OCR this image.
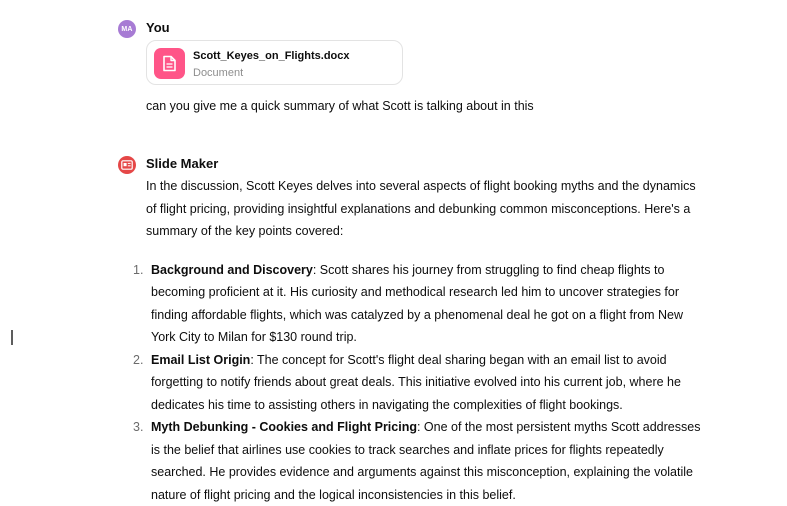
MA You
Scott_Keyes_on_Flights.docx
Document
can you give me a quick summary of what Scott is talking about in this
Slide Maker

In the discussion, Scott Keyes delves into several aspects of flight booking myths and the dynamics of flight pricing, providing insightful explanations and debunking common misconceptions. Here's a summary of the key points covered:

1. Background and Discovery: Scott shares his journey from struggling to find cheap flights to becoming proficient at it. His curiosity and methodical research led him to uncover strategies for finding affordable flights, which was catalyzed by a phenomenal deal he got on a flight from New York City to Milan for $130 round trip.
2. Email List Origin: The concept for Scott's flight deal sharing began with an email list to avoid forgetting to notify friends about great deals. This initiative evolved into his current job, where he dedicates his time to assisting others in navigating the complexities of flight bookings.
3. Myth Debunking - Cookies and Flight Pricing: One of the most persistent myths Scott addresses is the belief that airlines use cookies to track searches and inflate prices for flights repeatedly searched. He provides evidence and arguments against this misconception, explaining the volatile nature of flight pricing and the logical inconsistencies in this belief.
